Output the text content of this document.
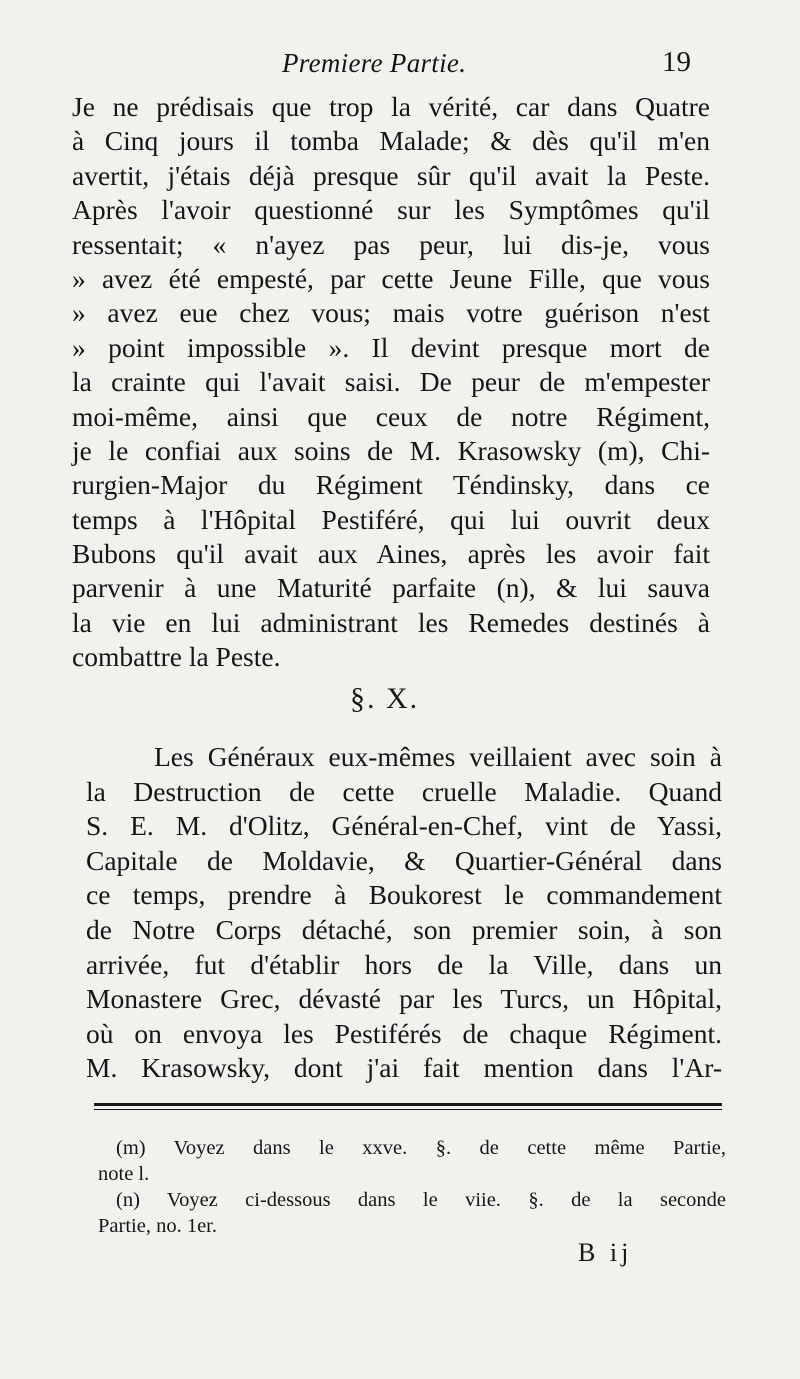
Premiere Partie.	19
Je ne prédisais que trop la vérité, car dans Quatre
à Cinq jours il tomba Malade; & dès qu'il m'en
avertit, j'étais déjà presque sûr qu'il avait la Peste.
Après l'avoir questionné sur les Symptômes qu'il
ressentait; « n'ayez pas peur, lui dis-je, vous
» avez été empesté, par cette Jeune Fille, que vous
» avez eue chez vous; mais votre guérison n'est
» point impossible ». Il devint presque mort de
la crainte qui l'avait saisi. De peur de m'empester
moi-même, ainsi que ceux de notre Régiment,
je le confiai aux soins de M. Krasowsky (m), Chi-
rurgien-Major du Régiment Téndinsky, dans ce
temps à l'Hôpital Pestiféré, qui lui ouvrit deux
Bubons qu'il avait aux Aines, après les avoir fait
parvenir à une Maturité parfaite (n), & lui sauva
la vie en lui administrant les Remedes destinés à
combattre la Peste.
§. X.
Les Généraux eux-mêmes veillaient avec soin à
la Destruction de cette cruelle Maladie. Quand
S. E. M. d'Olitz, Général-en-Chef, vint de Yassi,
Capitale de Moldavie, & Quartier-Général dans
ce temps, prendre à Boukorest le commandement
de Notre Corps détaché, son premier soin, à son
arrivée, fut d'établir hors de la Ville, dans un
Monastere Grec, dévasté par les Turcs, un Hôpital,
où on envoya les Pestiférés de chaque Régiment.
M. Krasowsky, dont j'ai fait mention dans l'Ar-
(m) Voyez dans le xxve. §. de cette même Partie,
note l.
(n) Voyez ci-dessous dans le viie. §. de la seconde
Partie, no. 1er.
B ij
